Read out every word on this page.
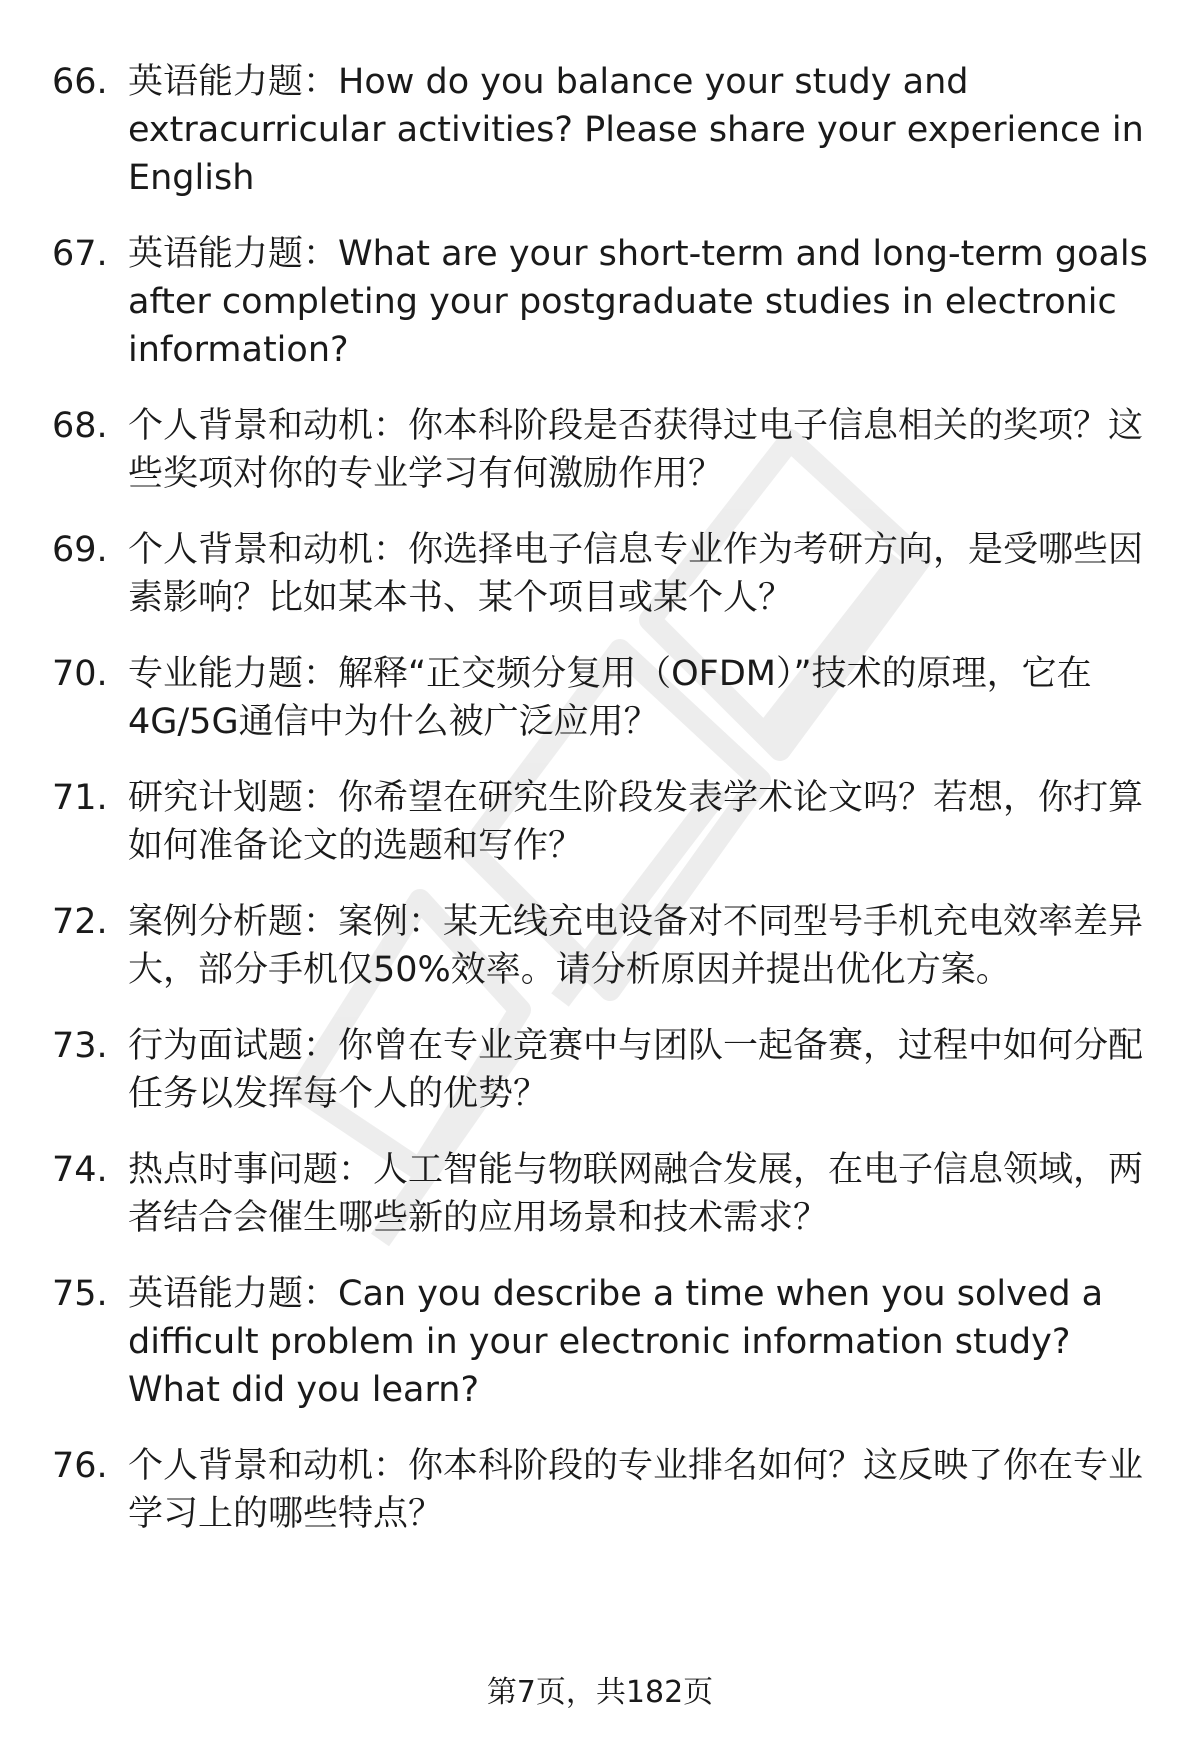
66. 英语能力题：How do you balance your study and extracurricular activities? Please share your experience in English
67. 英语能力题：What are your short-term and long-term goals after completing your postgraduate studies in electronic information?
68. 个人背景和动机：你本科阶段是否获得过电子信息相关的奖项？这些奖项对你的专业学习有何激励作用？
69. 个人背景和动机：你选择电子信息专业作为考研方向，是受哪些因素影响？比如某本书、某个项目或某个人？
70. 专业能力题：解释“正交频分复用（OFDM）”技术的原理，它在4G/5G通信中为什么被广泛应用？
71. 研究计划题：你希望在研究生阶段发表学术论文吗？若想，你打算如何准备论文的选题和写作？
72. 案例分析题：案例：某无线充电设备对不同型号手机充电效率差异大，部分手机仅50%效率。请分析原因并提出优化方案。
73. 行为面试题：你曾在专业竞赛中与团队一起备赛，过程中如何分配任务以发挥每个人的优势？
74. 热点时事问题：人工智能与物联网融合发展，在电子信息领域，两者结合会催生哪些新的应用场景和技术需求？
75. 英语能力题：Can you describe a time when you solved a difficult problem in your electronic information study? What did you learn?
76. 个人背景和动机：你本科阶段的专业排名如何？这反映了你在专业学习上的哪些特点？
第7页，共182页
